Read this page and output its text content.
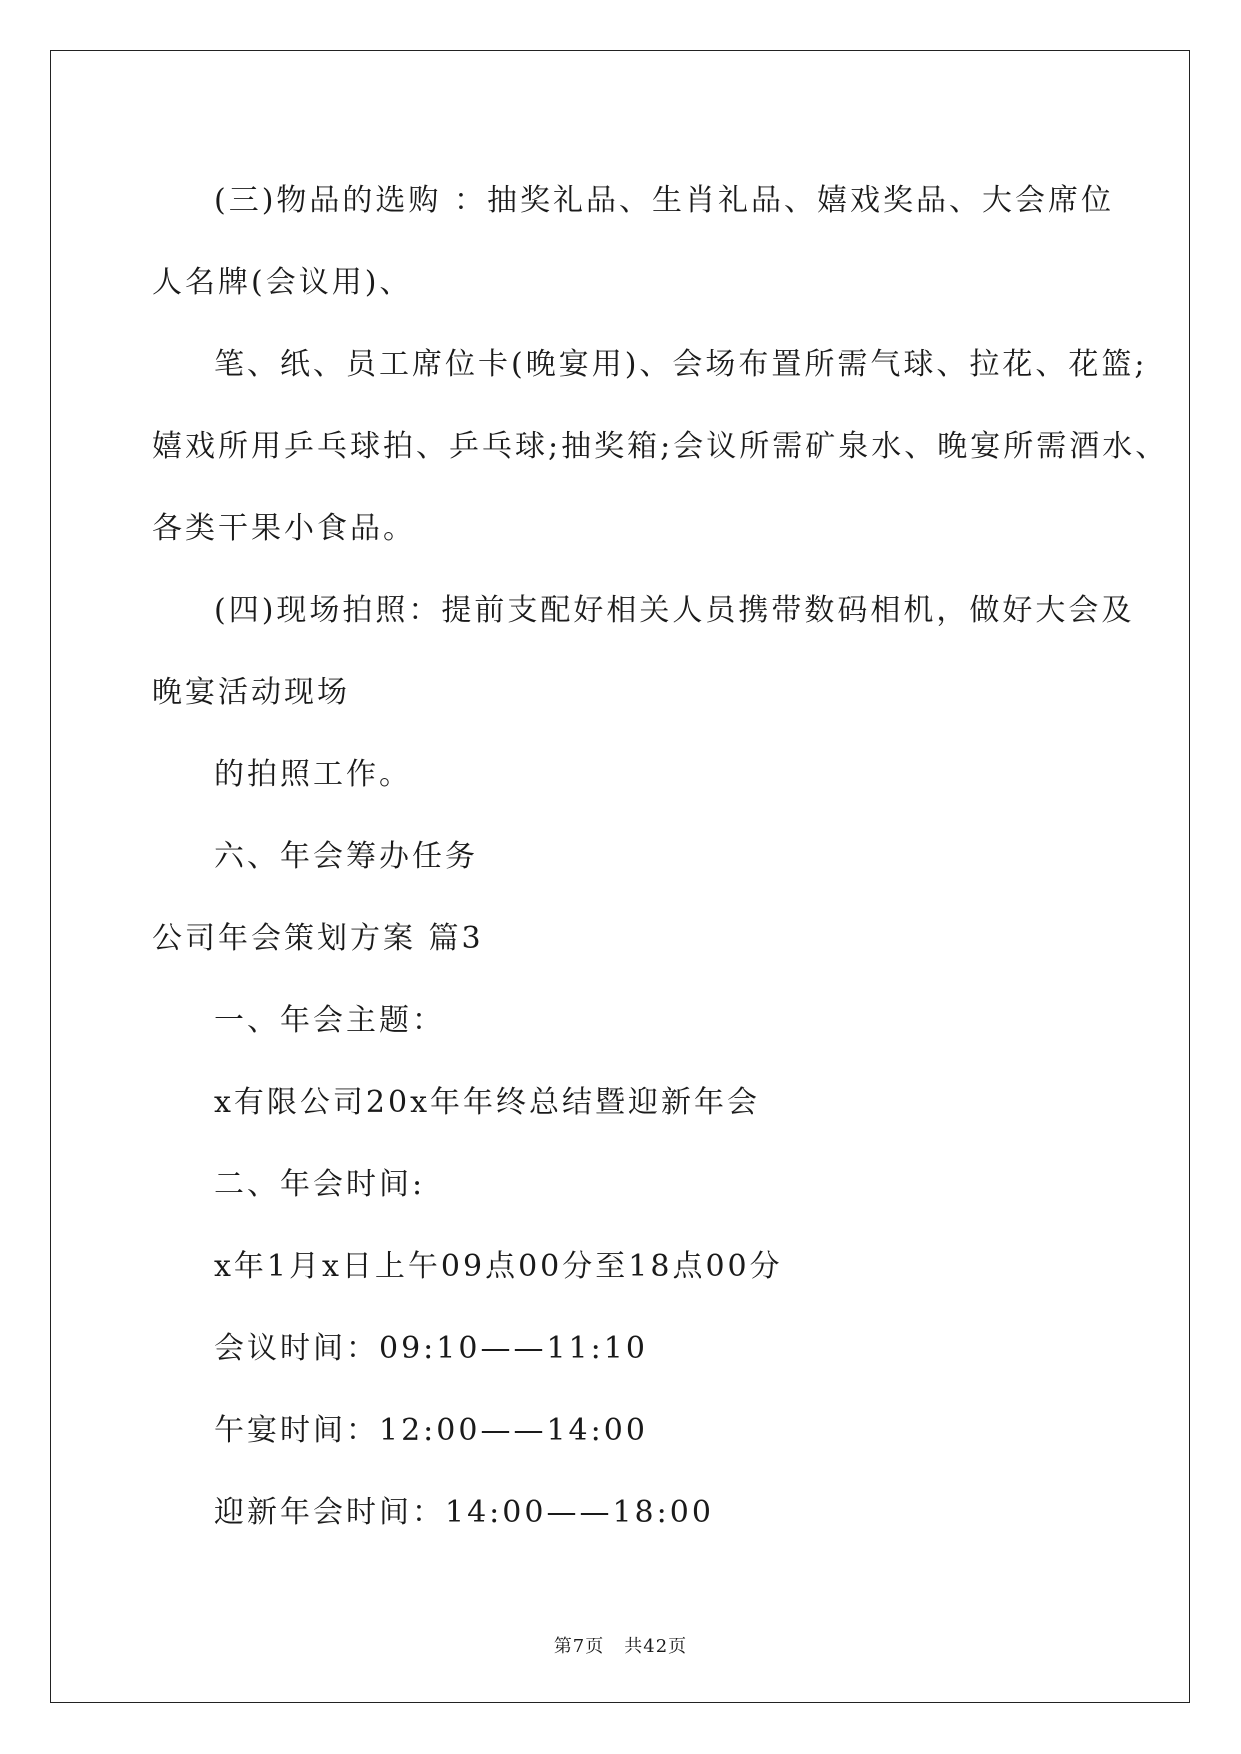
(三)物品的选购 ：抽奖礼品、生肖礼品、嬉戏奖品、大会席位
人名牌(会议用)、
笔、纸、员工席位卡(晚宴用)、会场布置所需气球、拉花、花篮;
嬉戏所用乒乓球拍、乒乓球;抽奖箱;会议所需矿泉水、晚宴所需酒水、
各类干果小食品。
(四)现场拍照：提前支配好相关人员携带数码相机，做好大会及
晚宴活动现场
的拍照工作。
六、年会筹办任务
公司年会策划方案 篇3
一、年会主题：
x有限公司20x年年终总结暨迎新年会
二、年会时间:
x年1月x日上午09点00分至18点00分
会议时间：09:10——11:10
午宴时间：12:00——14:00
迎新年会时间：14:00——18:00
第7页 共42页
